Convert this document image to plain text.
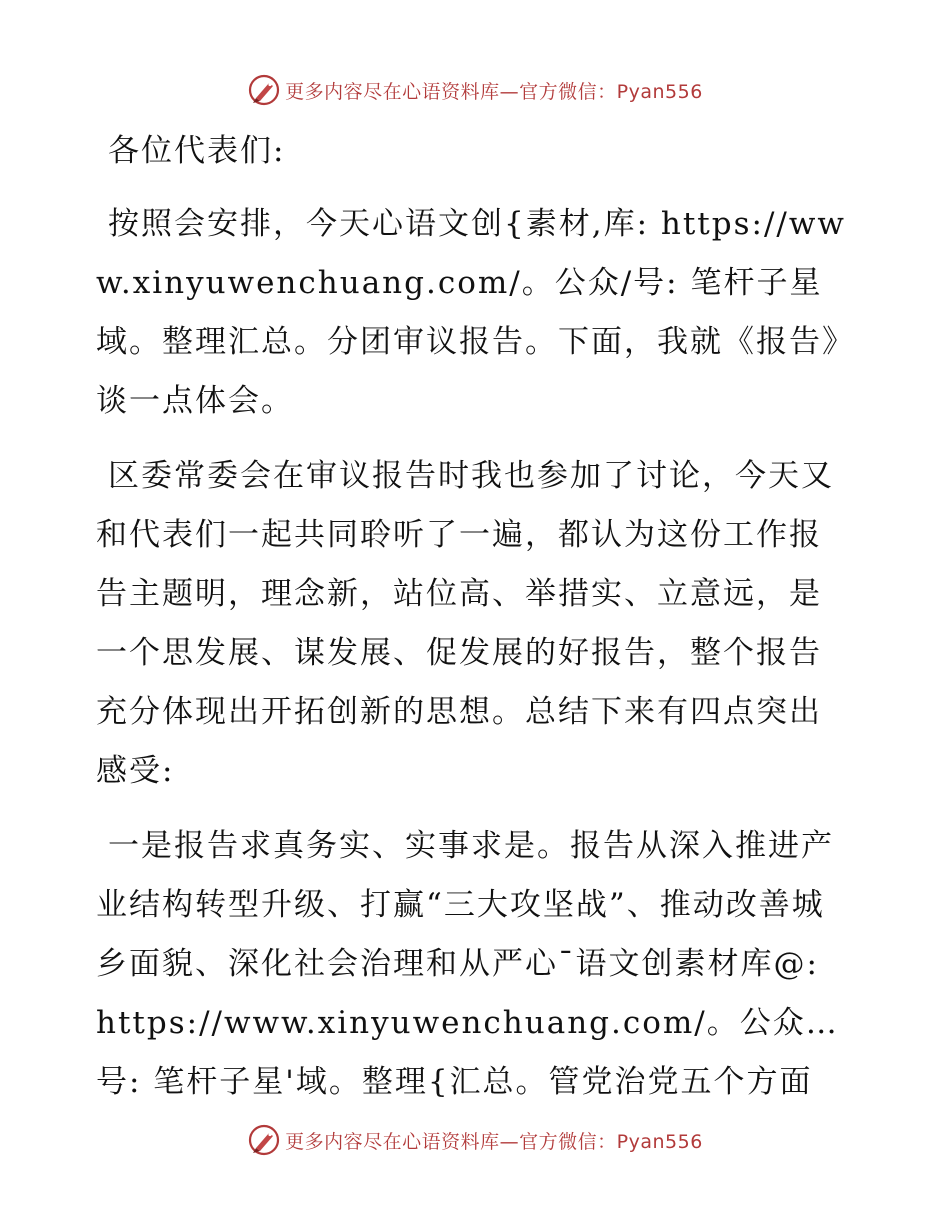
更多内容尽在心语资料库—官方微信：Pyan556

各位代表们:

按照会安排，今天心语文创{素材,库: https://www.xinyuwenchuang.com/。公众/号: 笔杆子星域。整理汇总。分团审议报告。下面，我就《报告》谈一点体会。

区委常委会在审议报告时我也参加了讨论，今天又和代表们一起共同聆听了一遍，都认为这份工作报告主题明，理念新，站位高、举措实、立意远，是一个思发展、谋发展、促发展的好报告，整个报告充分体现出开拓创新的思想。总结下来有四点突出感受:

一是报告求真务实、实事求是。报告从深入推进产业结构转型升级、打赢“三大攻坚战”、推动改善城乡面貌、深化社会治理和从严心¯语文创素材库@: https://www.xinyuwenchuang.com/。公众…号: 笔杆子星'域。整理{汇总。管党治党五个方面

更多内容尽在心语资料库—官方微信：Pyan556
